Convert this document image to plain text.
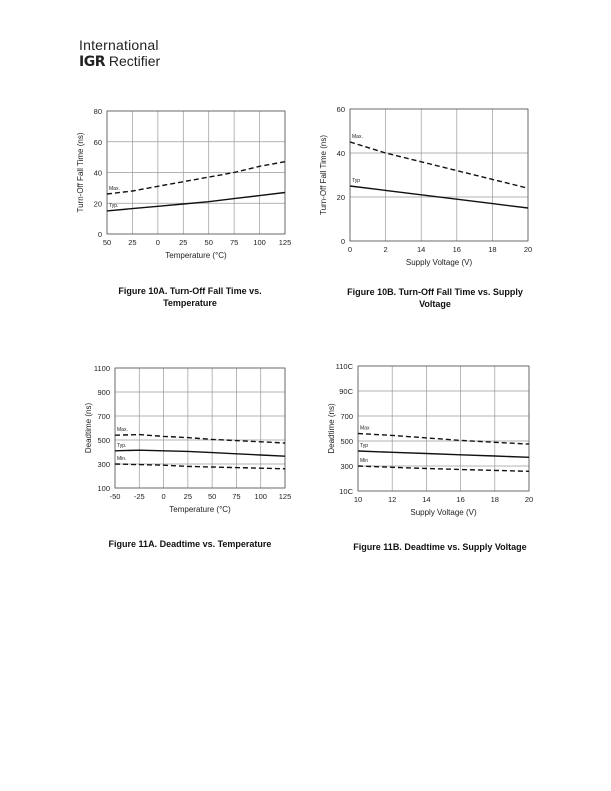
International
IGR Rectifier
50 25	0	25 50 75 100 125
0
20
40
60
80
Temperature (°C)
Turn-Off Fall Time (ns)	Max.
Typ.
0	2	14	16	18	20
0
20
40
60
Supply Voltage (V)
Turn-Off Fall Time (ns)	Max.
Typ
-50 -25 0 25 50 75 100 125
100
300
500
700
900
1100
Temperature (°C)
Deadtime (ns)	Max.
Typ.
Min.
10	12	14	16	18	20
10C
300
500
700
90C
110C
Supply Voltage (V)
Deadtime (ns)	Max
Typ
Min
Figure 10A. Turn-Off Fall Time vs.
Temperature
Figure 10B. Turn-Off Fall Time vs. Supply
Voltage
Figure 11A. Deadtime vs. Temperature	Figure 11B. Deadtime vs. Supply Voltage
